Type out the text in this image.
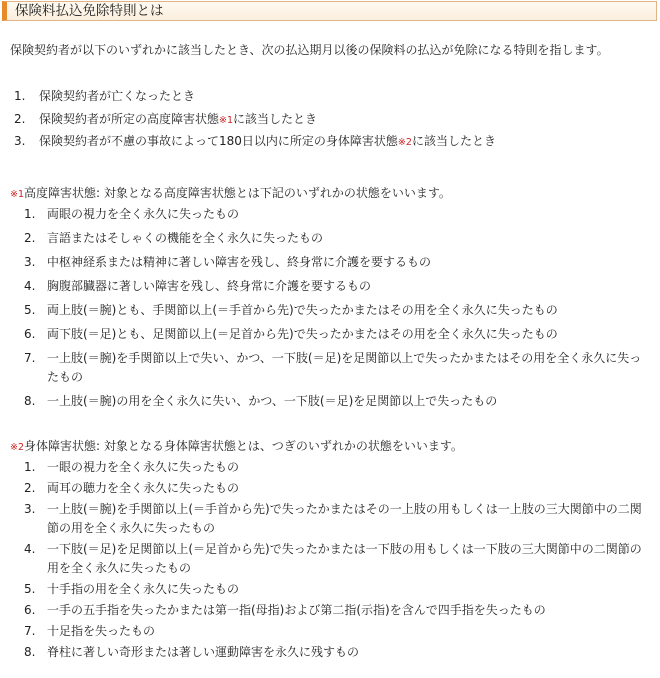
保険料払込免除特則とは
保険契約者が以下のいずれかに該当したとき、次の払込期月以後の保険料の払込が免除になる特則を指します。
1.	保険契約者が亡くなったとき
2.	保険契約者が所定の高度障害状態※1に該当したとき
3.	保険契約者が不慮の事故によって180日以内に所定の身体障害状態※2に該当したとき
※1高度障害状態: 対象となる高度障害状態とは下記のいずれかの状態をいいます。
1. 両眼の視力を全く永久に失ったもの
2. 言語またはそしゃくの機能を全く永久に失ったもの
3. 中枢神経系または精神に著しい障害を残し、終身常に介護を要するもの
4. 胸腹部臓器に著しい障害を残し、終身常に介護を要するもの
5. 両上肢(＝腕)とも、手関節以上(＝手首から先)で失ったかまたはその用を全く永久に失ったもの
6. 両下肢(＝足)とも、足関節以上(＝足首から先)で失ったかまたはその用を全く永久に失ったもの
7. 一上肢(＝腕)を手関節以上で失い、かつ、一下肢(＝足)を足関節以上で失ったかまたはその用を全く永久に失ったもの
8. 一上肢(＝腕)の用を全く永久に失い、かつ、一下肢(＝足)を足関節以上で失ったもの
※2身体障害状態: 対象となる身体障害状態とは、つぎのいずれかの状態をいいます。
1. 一眼の視力を全く永久に失ったもの
2. 両耳の聴力を全く永久に失ったもの
3. 一上肢(＝腕)を手関節以上(＝手首から先)で失ったかまたはその一上肢の用もしくは一上肢の三大関節中の二関節の用を全く永久に失ったもの
4. 一下肢(＝足)を足関節以上(＝足首から先)で失ったかまたは一下肢の用もしくは一下肢の三大関節中の二関節の用を全く永久に失ったもの
5. 十手指の用を全く永久に失ったもの
6. 一手の五手指を失ったかまたは第一指(母指)および第二指(示指)を含んで四手指を失ったもの
7. 十足指を失ったもの
8. 脊柱に著しい奇形または著しい運動障害を永久に残すもの
